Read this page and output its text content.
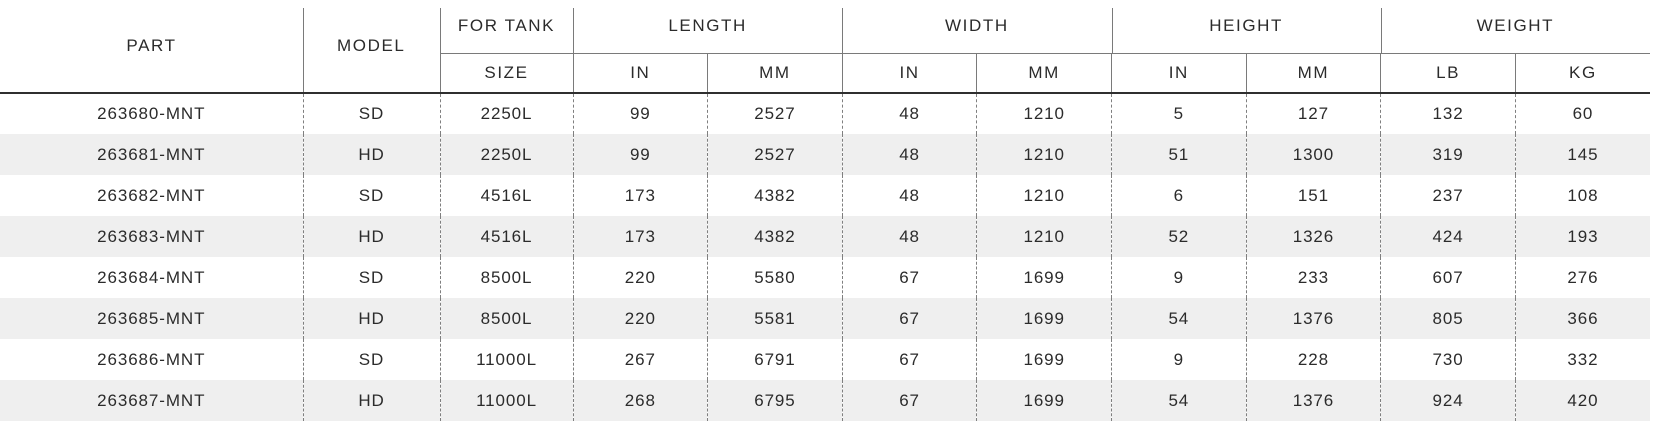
PART	MODEL	FOR TANK	LENGTH		WIDTH		HEIGHT		WEIGHT	
		SIZE	IN	MM	IN	MM	IN	MM	LB	KG
263680-MNT	SD	2250L	99	2527	48	1210	5	127	132	60
263681-MNT	HD	2250L	99	2527	48	1210	51	1300	319	145
263682-MNT	SD	4516L	173	4382	48	1210	6	151	237	108
263683-MNT	HD	4516L	173	4382	48	1210	52	1326	424	193
263684-MNT	SD	8500L	220	5580	67	1699	9	233	607	276
263685-MNT	HD	8500L	220	5581	67	1699	54	1376	805	366
263686-MNT	SD	11000L	267	6791	67	1699	9	228	730	332
263687-MNT	HD	11000L	268	6795	67	1699	54	1376	924	420
